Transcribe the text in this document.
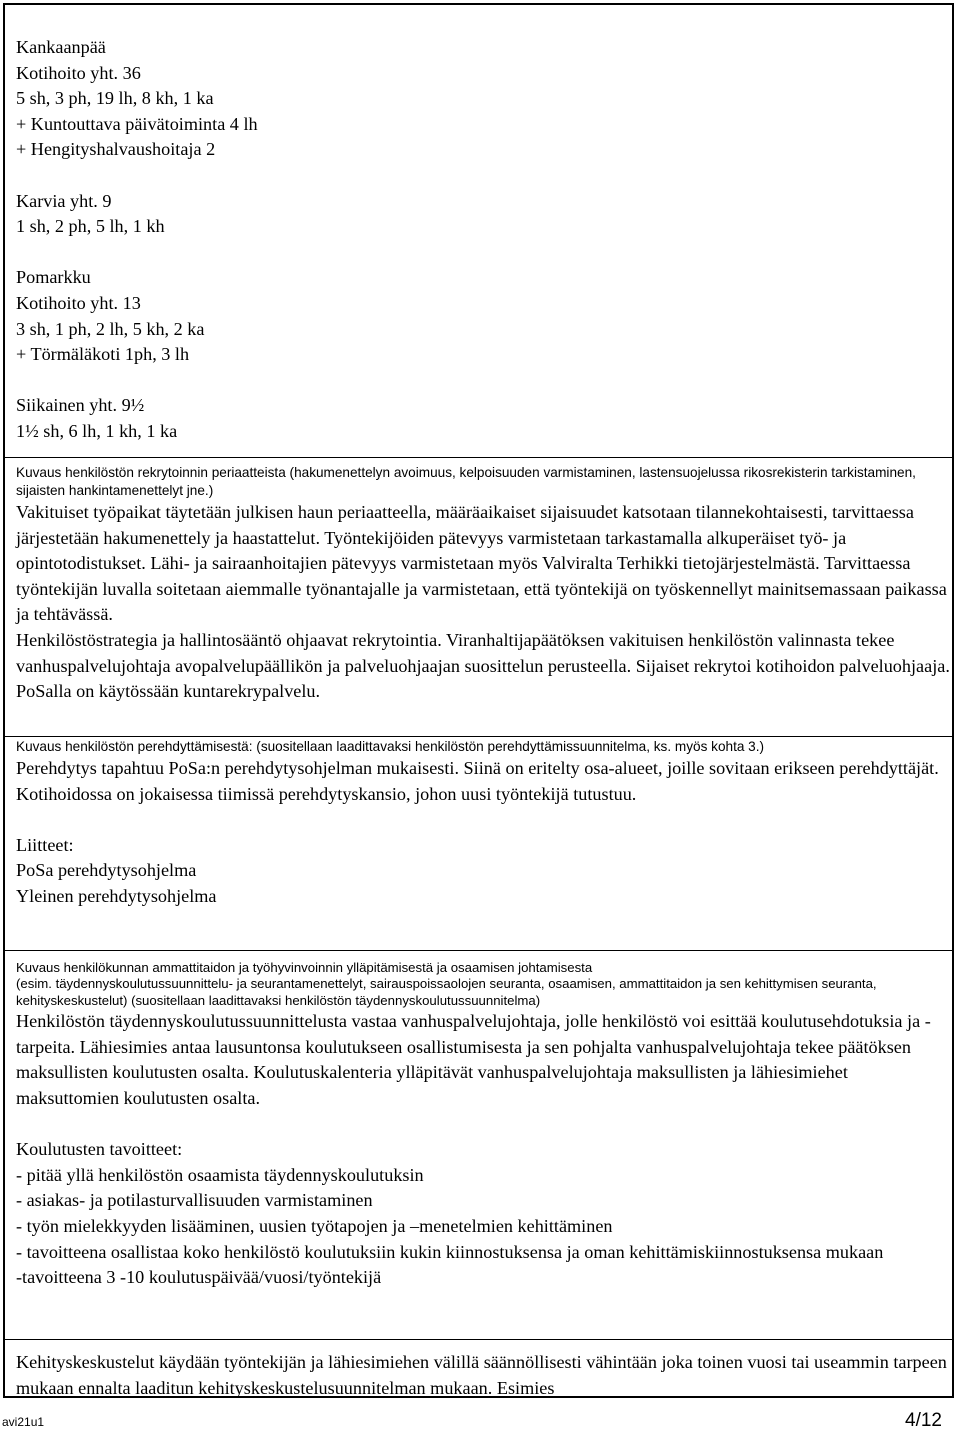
Kankaanpää

Kotihoito yht. 36

5 sh, 3 ph, 19 lh, 8 kh, 1 ka

+ Kuntouttava päivätoiminta 4 lh

+ Hengityshalvaushoitaja 2

Karvia yht. 9

1 sh, 2 ph, 5 lh, 1 kh

Pomarkku

Kotihoito yht. 13

3 sh, 1 ph, 2 lh, 5 kh, 2 ka

+ Törmäläkoti 1ph, 3 lh

Siikainen yht. 9½

1½ sh, 6 lh, 1 kh, 1 ka

Kuvaus henkilöstön rekrytoinnin periaatteista (hakumenettelyn avoimuus, kelpoisuuden varmistaminen, lastensuojelussa rikosrekisterin tarkistaminen, sijaisten hankintamenettelyt jne.)

Vakituiset työpaikat täytetään julkisen haun periaatteella, määräaikaiset sijaisuudet katsotaan tilannekohtaisesti, tarvittaessa järjestetään hakumenettely ja haastattelut. Työntekijöiden pätevyys varmistetaan tarkastamalla alkuperäiset työ- ja opintotodistukset. Lähi- ja sairaanhoitajien pätevyys varmistetaan myös Valviralta Terhikki tietojärjestelmästä. Tarvittaessa  työntekijän luvalla soitetaan aiemmalle työnantajalle ja varmistetaan, että työntekijä on työskennellyt mainitsemassaan paikassa ja tehtävässä.

Henkilöstöstrategia ja hallintosääntö ohjaavat rekrytointia. Viranhaltijapäätöksen vakituisen henkilöstön valinnasta tekee vanhuspalvelujohtaja avopalvelupäällikön ja palveluohjaajan suosittelun perusteella. Sijaiset rekrytoi kotihoidon palveluohjaaja. PoSalla on käytössään kuntarekrypalvelu.

Kuvaus henkilöstön perehdyttämisestä: (suositellaan laadittavaksi henkilöstön perehdyttämissuunnitelma, ks. myös kohta 3.)

Perehdytys tapahtuu PoSa:n perehdytysohjelman mukaisesti. Siinä on eritelty osa-alueet, joille sovitaan erikseen perehdyttäjät.

Kotihoidossa on jokaisessa tiimissä perehdytyskansio, johon uusi työntekijä tutustuu.

Liitteet:

PoSa perehdytysohjelma

Yleinen perehdytysohjelma

Kuvaus henkilökunnan ammattitaidon ja työhyvinvoinnin ylläpitämisestä ja osaamisen johtamisesta

(esim. täydennyskoulutussuunnittelu- ja seurantamenettelyt, sairauspoissaolojen seuranta, osaamisen, ammattitaidon ja sen kehittymisen seuranta, kehityskeskustelut) (suositellaan laadittavaksi henkilöstön täydennyskoulutussuunnitelma)

Henkilöstön täydennyskoulutussuunnittelusta vastaa vanhuspalvelujohtaja, jolle henkilöstö voi esittää koulutusehdotuksia ja -tarpeita. Lähiesimies antaa lausuntonsa koulutukseen osallistumisesta ja sen pohjalta vanhuspalvelujohtaja tekee päätöksen maksullisten koulutusten osalta. Koulutuskalenteria ylläpitävät vanhuspalvelujohtaja maksullisten ja lähiesimiehet maksuttomien koulutusten osalta.

Koulutusten tavoitteet:

- pitää yllä henkilöstön osaamista täydennyskoulutuksin

- asiakas- ja potilasturvallisuuden varmistaminen

- työn mielekkyyden lisääminen, uusien työtapojen ja –menetelmien kehittäminen

- tavoitteena osallistaa koko henkilöstö koulutuksiin kukin kiinnostuksensa ja oman kehittämiskiinnostuksensa mukaan

-tavoitteena 3 -10 koulutuspäivää/vuosi/työntekijä

Kehityskeskustelut käydään työntekijän ja lähiesimiehen välillä säännöllisesti vähintään joka toinen vuosi tai useammin tarpeen mukaan ennalta laaditun kehityskeskustelusuunnitelman mukaan. Esimies

avi21u1	4/12
